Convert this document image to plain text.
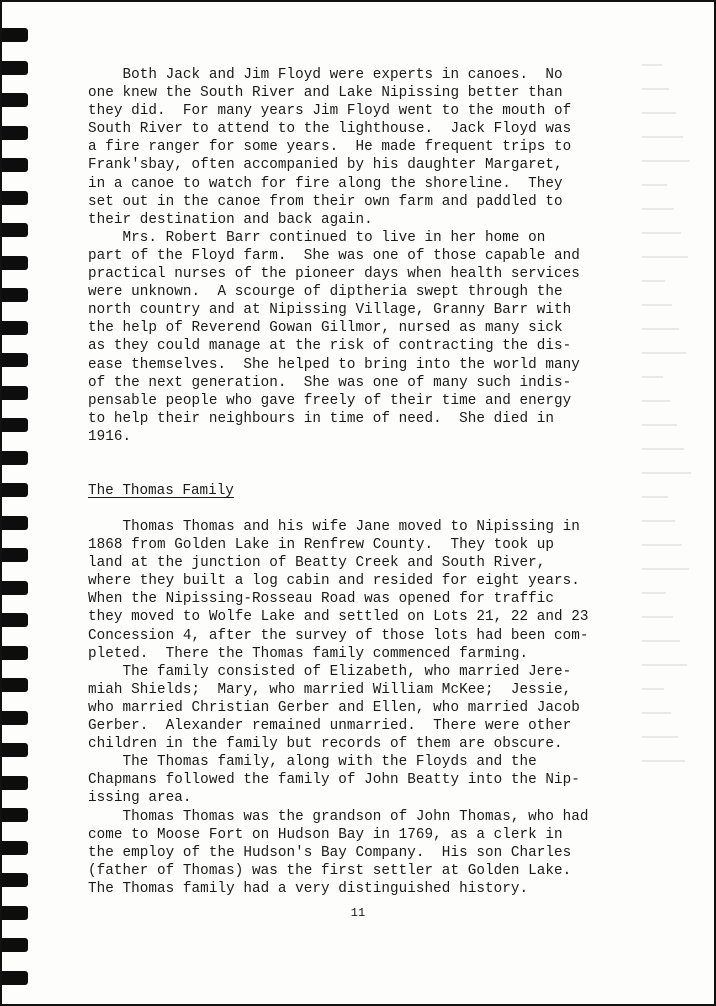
Both Jack and Jim Floyd were experts in canoes.  No
one knew the South River and Lake Nipissing better than
they did.  For many years Jim Floyd went to the mouth of
South River to attend to the lighthouse.  Jack Floyd was
a fire ranger for some years.  He made frequent trips to
Frank'sbay, often accompanied by his daughter Margaret,
in a canoe to watch for fire along the shoreline.  They
set out in the canoe from their own farm and paddled to
their destination and back again.

Mrs. Robert Barr continued to live in her home on
part of the Floyd farm.  She was one of those capable and
practical nurses of the pioneer days when health services
were unknown.  A scourge of diptheria swept through the
north country and at Nipissing Village, Granny Barr with
the help of Reverend Gowan Gillmor, nursed as many sick
as they could manage at the risk of contracting the dis-
ease themselves.  She helped to bring into the world many
of the next generation.  She was one of many such indis-
pensable people who gave freely of their time and energy
to help their neighbours in time of need.  She died in
1916.

The Thomas Family

Thomas Thomas and his wife Jane moved to Nipissing in
1868 from Golden Lake in Renfrew County.  They took up
land at the junction of Beatty Creek and South River,
where they built a log cabin and resided for eight years.
When the Nipissing-Rosseau Road was opened for traffic
they moved to Wolfe Lake and settled on Lots 21, 22 and 23
Concession 4, after the survey of those lots had been com-
pleted.  There the Thomas family commenced farming.

The family consisted of Elizabeth, who married Jere-
miah Shields;  Mary, who married William McKee;  Jessie,
who married Christian Gerber and Ellen, who married Jacob
Gerber.  Alexander remained unmarried.  There were other
children in the family but records of them are obscure.

The Thomas family, along with the Floyds and the
Chapmans followed the family of John Beatty into the Nip-
issing area.

Thomas Thomas was the grandson of John Thomas, who had
come to Moose Fort on Hudson Bay in 1769, as a clerk in
the employ of the Hudson's Bay Company.  His son Charles
(father of Thomas) was the first settler at Golden Lake.
The Thomas family had a very distinguished history.

11
